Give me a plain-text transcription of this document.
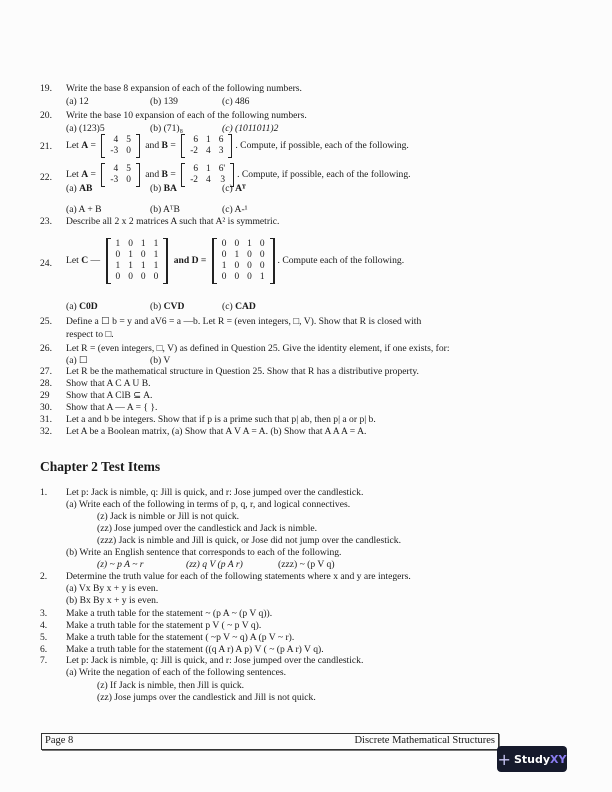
19. Write the base 8 expansion of each of the following numbers.
(a) 12	(b) 139	(c) 486
20. Write the base 10 expansion of each of the following numbers.
(a) (123)5	(b) (71)₈	(c) (1011011)2
21. Let A =
4	5
-3	0 and B =
6	1	6
-2	4	3 . Compute, if possible, each of the following.
(a) AB	(b) BA	(c) Aᵀ
22. Let A =
4	5
-3	0 and B =
6	1	6'
-2	4	3 . Compute, if possible, each of the following.
(a) A + B	(b) AᵀB	(c) A-¹
23. Describe all 2 x 2 matrices A such that A² is symmetric.
24. Let C —
1	0	1	1
0	1	0	1
1	1	1	1
0	0	0	0
and D =
0	0	1	0
0	1	0	0
1	0	0	0
0	0	0	1
. Compute each of the following.
(a) C0D	(b) CVD	(c) CAD
25. Define a ☐ b = y and aV6 = a —b. Let R = (even integers, □, V). Show that R is closed with
respect to □.
26. Let R = (even integers, □, V) as defined in Question 25. Give the identity element, if one exists, for:
(a) ☐	(b) V
27. Let R be the mathematical structure in Question 25. Show that R has a distributive property.
28. Show that A C A U B.
29 Show that A ClB ⊆ A.
30. Show that A — A = { }.
31. Let a and b be integers. Show that if p is a prime such that p| ab, then p| a or p| b.
32. Let A be a Boolean matrix, (a) Show that A V A = A. (b) Show that A A A = A.
Chapter 2 Test Items
1. Let p: Jack is nimble, q: Jill is quick, and r: Jose jumped over the candlestick.
(a) Write each of the following in terms of p, q, r, and logical connectives.
(z) Jack is nimble or Jill is not quick.
(zz) Jose jumped over the candlestick and Jack is nimble.
(zzz) Jack is nimble and Jill is quick, or Jose did not jump over the candlestick.
(b) Write an English sentence that corresponds to each of the following.
(z) ~ p A ~ r	(zz) q V (p A r)	(zzz) ~ (p V q)
2. Determine the truth value for each of the following statements where x and y are integers.
(a) Vx By x + y is even.
(b) Bx By x + y is even.
3. Make a truth table for the statement ~ (p A ~ (p V q)).
4. Make a truth table for the statement p V ( ~ p V q).
5. Make a truth table for the statement ( ~p V ~ q) A (p V ~ r).
6. Make a truth table for the statement ((q A r) A p) V ( ~ (p A r) V q).
7. Let p: Jack is nimble, q: Jill is quick, and r: Jose jumped over the candlestick.
(a) Write the negation of each of the following sentences.
(z) If Jack is nimble, then Jill is quick.
(zz) Jose jumps over the candlestick and Jill is not quick.
Page 8	Discrete Mathematical Structures
+ StudyXY
